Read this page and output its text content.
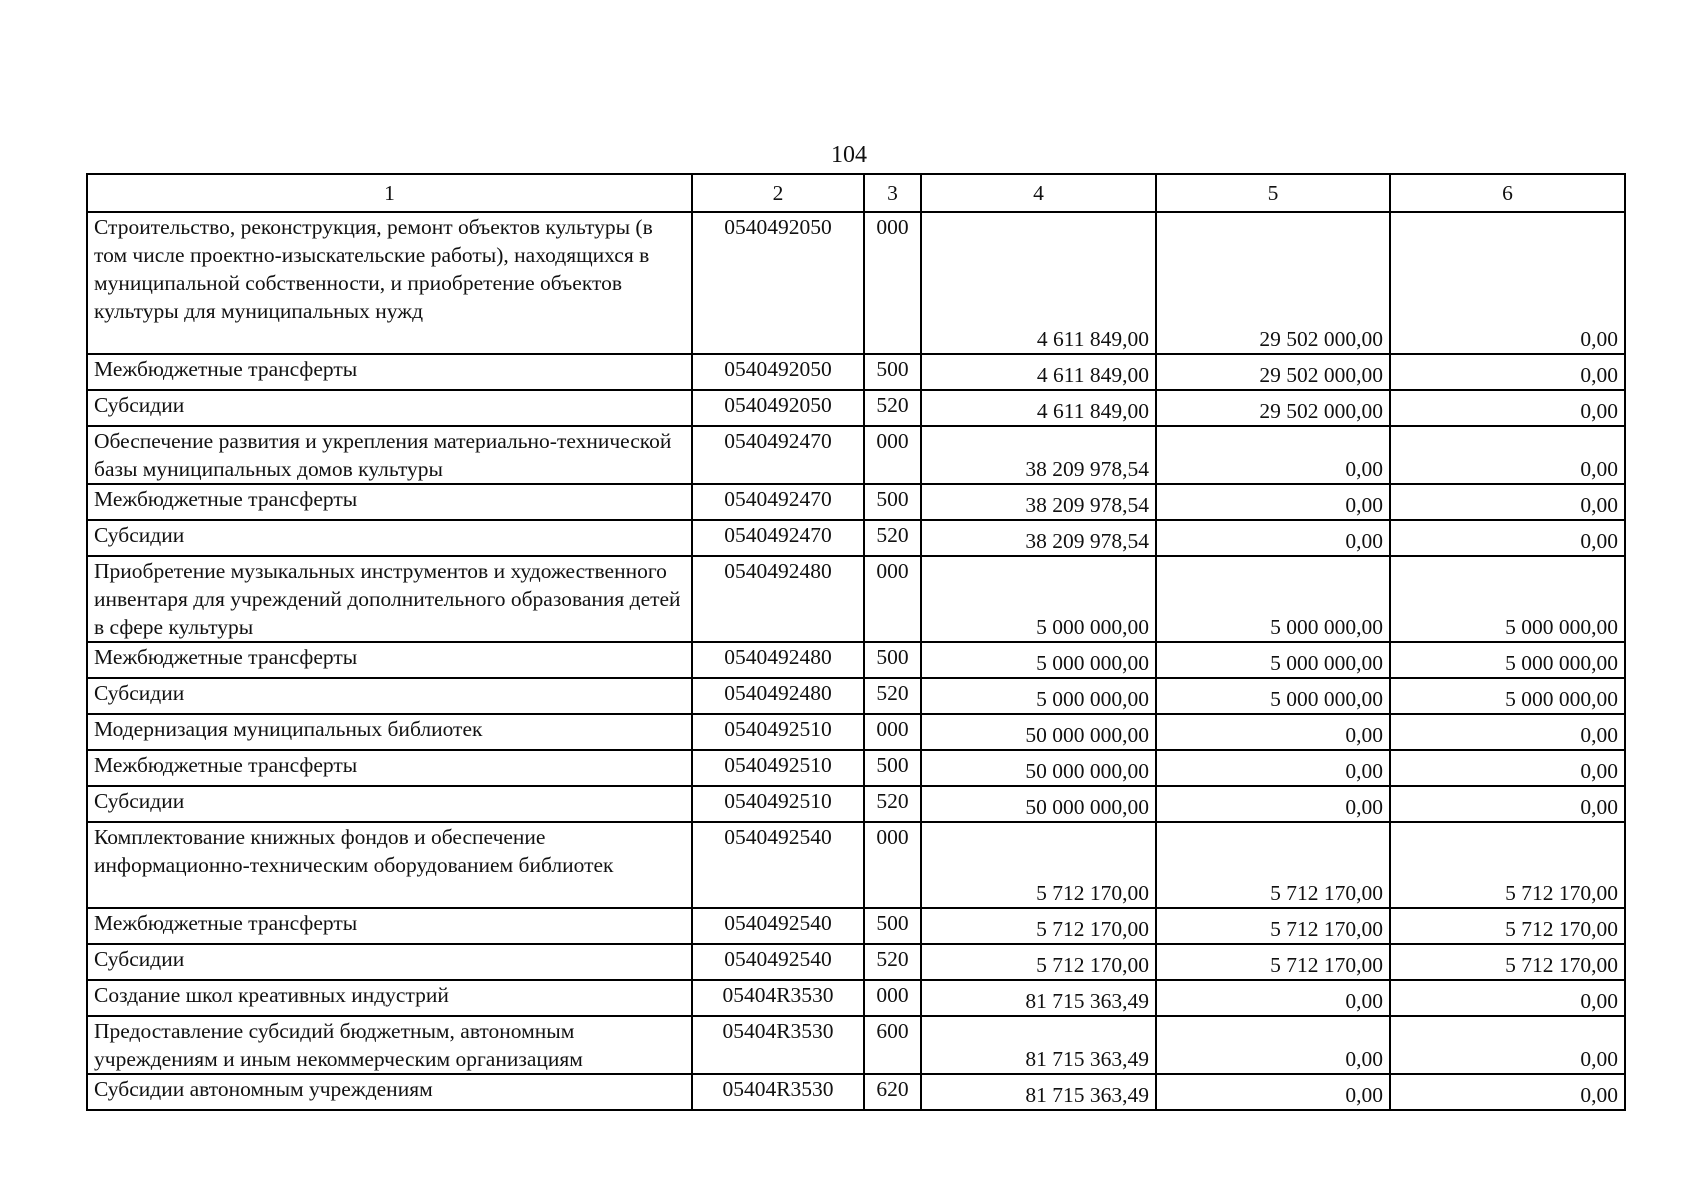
104
1	2	3	4	5	6
Строительство, реконструкция, ремонт объектов культуры (в том числе проектно-изыскательские работы), находящихся в муниципальной собственности, и приобретение объектов культуры для муниципальных нужд	0540492050	000	4 611 849,00	29 502 000,00	0,00
Межбюджетные трансферты	0540492050	500	4 611 849,00	29 502 000,00	0,00
Субсидии	0540492050	520	4 611 849,00	29 502 000,00	0,00
Обеспечение развития и укрепления материально-технической базы муниципальных домов культуры	0540492470	000	38 209 978,54	0,00	0,00
Межбюджетные трансферты	0540492470	500	38 209 978,54	0,00	0,00
Субсидии	0540492470	520	38 209 978,54	0,00	0,00
Приобретение музыкальных инструментов и художественного инвентаря для учреждений дополнительного образования детей в сфере культуры	0540492480	000	5 000 000,00	5 000 000,00	5 000 000,00
Межбюджетные трансферты	0540492480	500	5 000 000,00	5 000 000,00	5 000 000,00
Субсидии	0540492480	520	5 000 000,00	5 000 000,00	5 000 000,00
Модернизация муниципальных библиотек	0540492510	000	50 000 000,00	0,00	0,00
Межбюджетные трансферты	0540492510	500	50 000 000,00	0,00	0,00
Субсидии	0540492510	520	50 000 000,00	0,00	0,00
Комплектование книжных фондов и обеспечение информационно-техническим оборудованием библиотек	0540492540	000	5 712 170,00	5 712 170,00	5 712 170,00
Межбюджетные трансферты	0540492540	500	5 712 170,00	5 712 170,00	5 712 170,00
Субсидии	0540492540	520	5 712 170,00	5 712 170,00	5 712 170,00
Создание школ креативных индустрий	05404R3530	000	81 715 363,49	0,00	0,00
Предоставление субсидий бюджетным, автономным учреждениям и иным некоммерческим организациям	05404R3530	600	81 715 363,49	0,00	0,00
Субсидии автономным учреждениям	05404R3530	620	81 715 363,49	0,00	0,00
